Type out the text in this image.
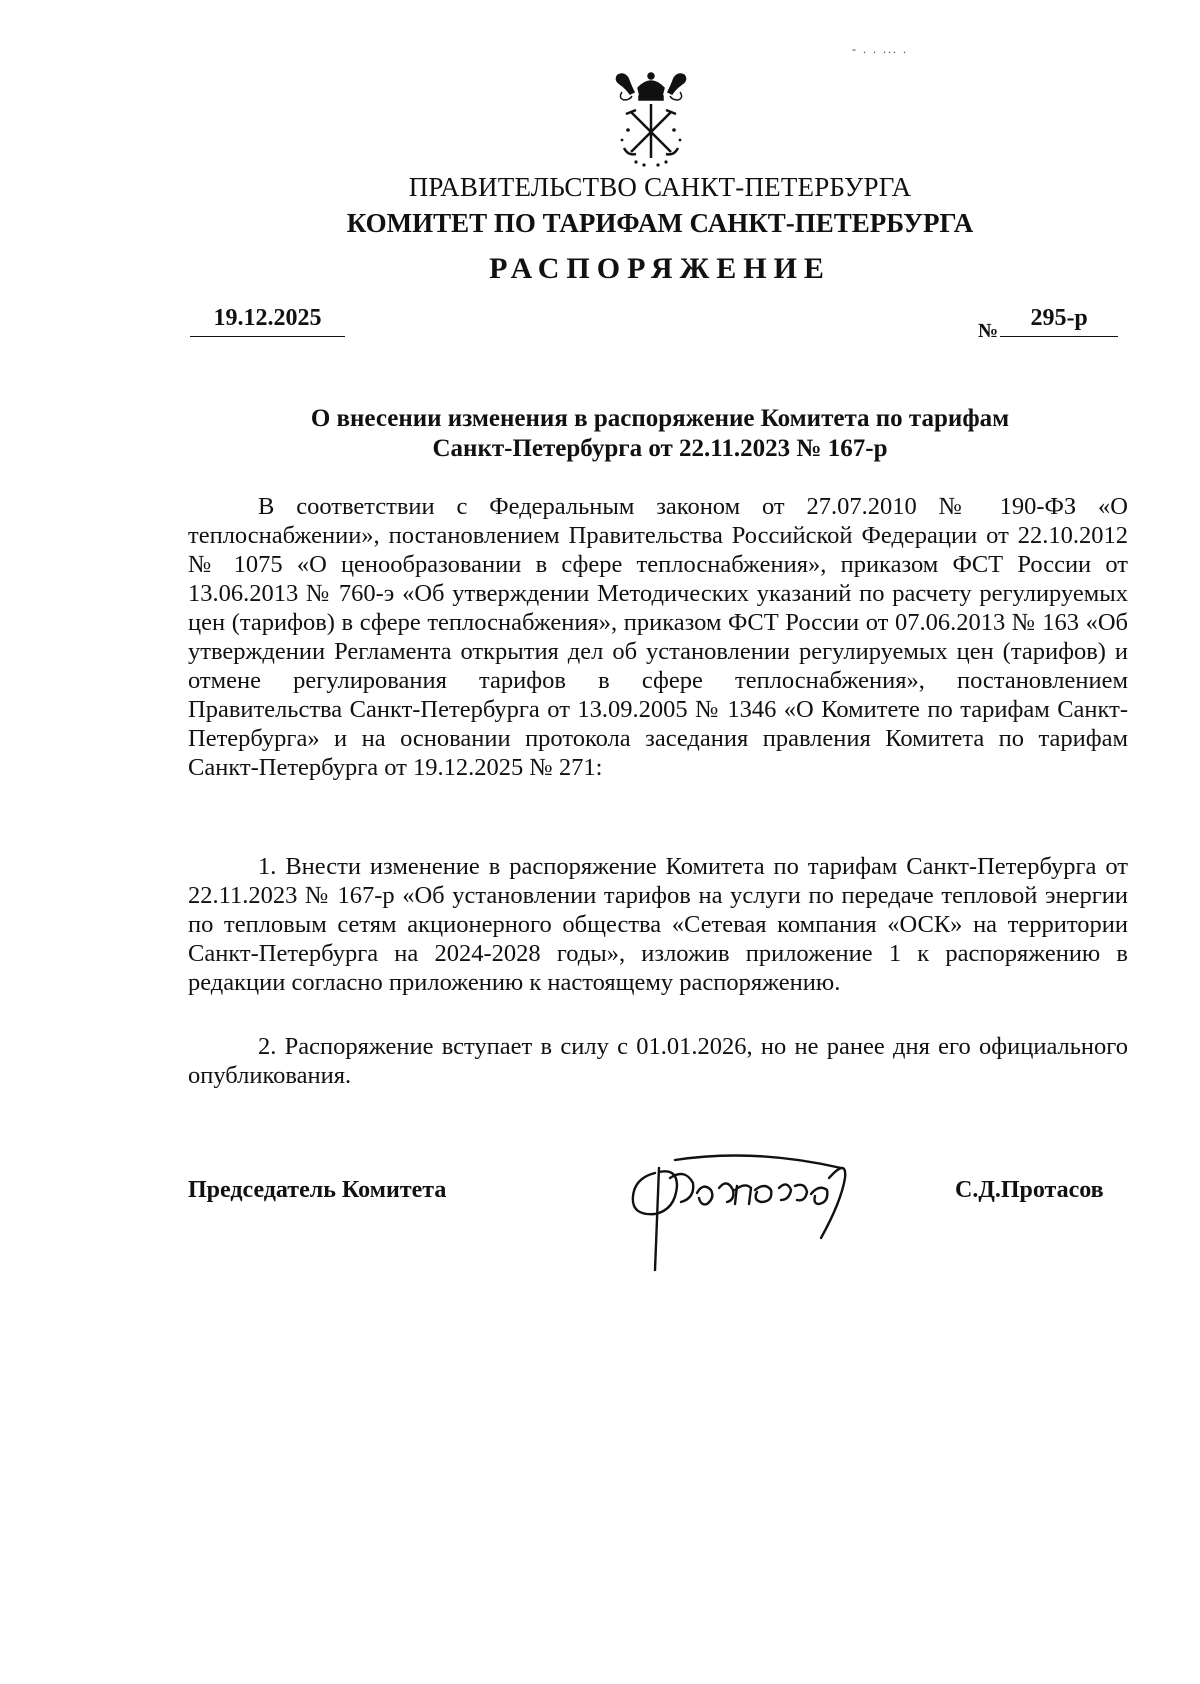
- . . ... .
ПРАВИТЕЛЬСТВО САНКТ-ПЕТЕРБУРГА
КОМИТЕТ ПО ТАРИФАМ САНКТ-ПЕТЕРБУРГА
РАСПОРЯЖЕНИЕ
19.12.2025	$_№$ 295-р
О внесении изменения в распоряжение Комитета по тарифам
Санкт-Петербурга от 22.11.2023 № 167-р

В соответствии с Федеральным законом от 27.07.2010 № 190-ФЗ «О теплоснабжении», постановлением Правительства Российской Федерации от 22.10.2012 № 1075 «О ценообразовании в сфере теплоснабжения», приказом ФСТ России от 13.06.2013 № 760-э «Об утверждении Методических указаний по расчету регулируемых цен (тарифов) в сфере теплоснабжения», приказом ФСТ России от 07.06.2013 № 163 «Об утверждении Регламента открытия дел об установлении регулируемых цен (тарифов) и отмене регулирования тарифов в сфере теплоснабжения», постановлением Правительства Санкт-Петербурга от 13.09.2005 № 1346 «О Комитете по тарифам Санкт-Петербурга» и на основании протокола заседания правления Комитета по тарифам Санкт-Петербурга от 19.12.2025 № 271:

1. Внести изменение в распоряжение Комитета по тарифам Санкт-Петербурга от 22.11.2023 № 167-р «Об установлении тарифов на услуги по передаче тепловой энергии по тепловым сетям акционерного общества «Сетевая компания «ОСК» на территории Санкт-Петербурга на 2024-2028 годы», изложив приложение 1 к распоряжению в редакции согласно приложению к настоящему распоряжению.

2. Распоряжение вступает в силу с 01.01.2026, но не ранее дня его официального опубликования.

Председатель Комитета	С.Д.Протасов
